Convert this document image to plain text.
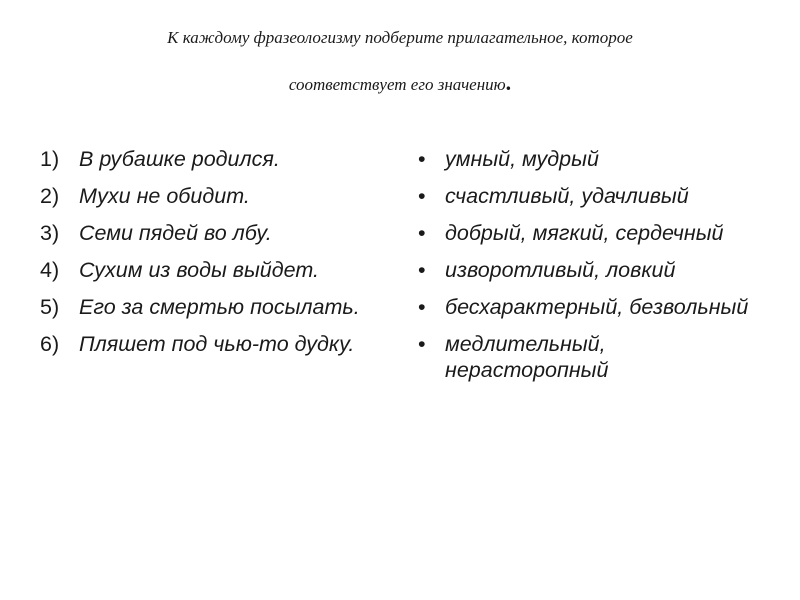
К каждому фразеологизму подберите прилагательное, которое
соответствует его значению.
1) В рубашке родился.
2) Мухи не обидит.
3) Семи пядей во лбу.
4) Сухим из воды выйдет.
5) Его за смертью посылать.
6) Пляшет под чью-то дудку.
• умный, мудрый
• счастливый, удачливый
• добрый, мягкий, сердечный
• изворотливый, ловкий
• бесхарактерный, безвольный
• медлительный, нерасторопный
